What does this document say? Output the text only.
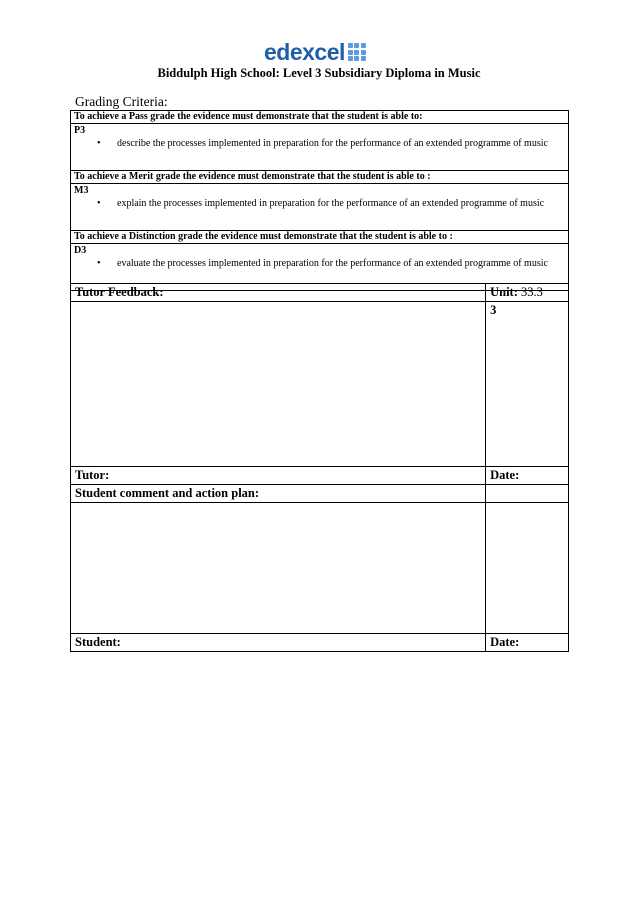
edexcel
Biddulph High School: Level 3 Subsidiary Diploma in Music
Grading Criteria:
To achieve a Pass grade the evidence must demonstrate that the student is able to:

P3
• describe the processes implemented in preparation for the performance of an extended programme of music

To achieve a Merit grade the evidence must demonstrate that the student is able to :

M3
• explain the processes implemented in preparation for the performance of an extended programme of music

To achieve a Distinction grade the evidence must demonstrate that the student is able to :

D3
• evaluate the processes implemented in preparation for the performance of an extended programme of music
Tutor Feedback:	Unit: 33.3
	3
Tutor:	Date:
Student comment and action plan:	

Student:	Date:
